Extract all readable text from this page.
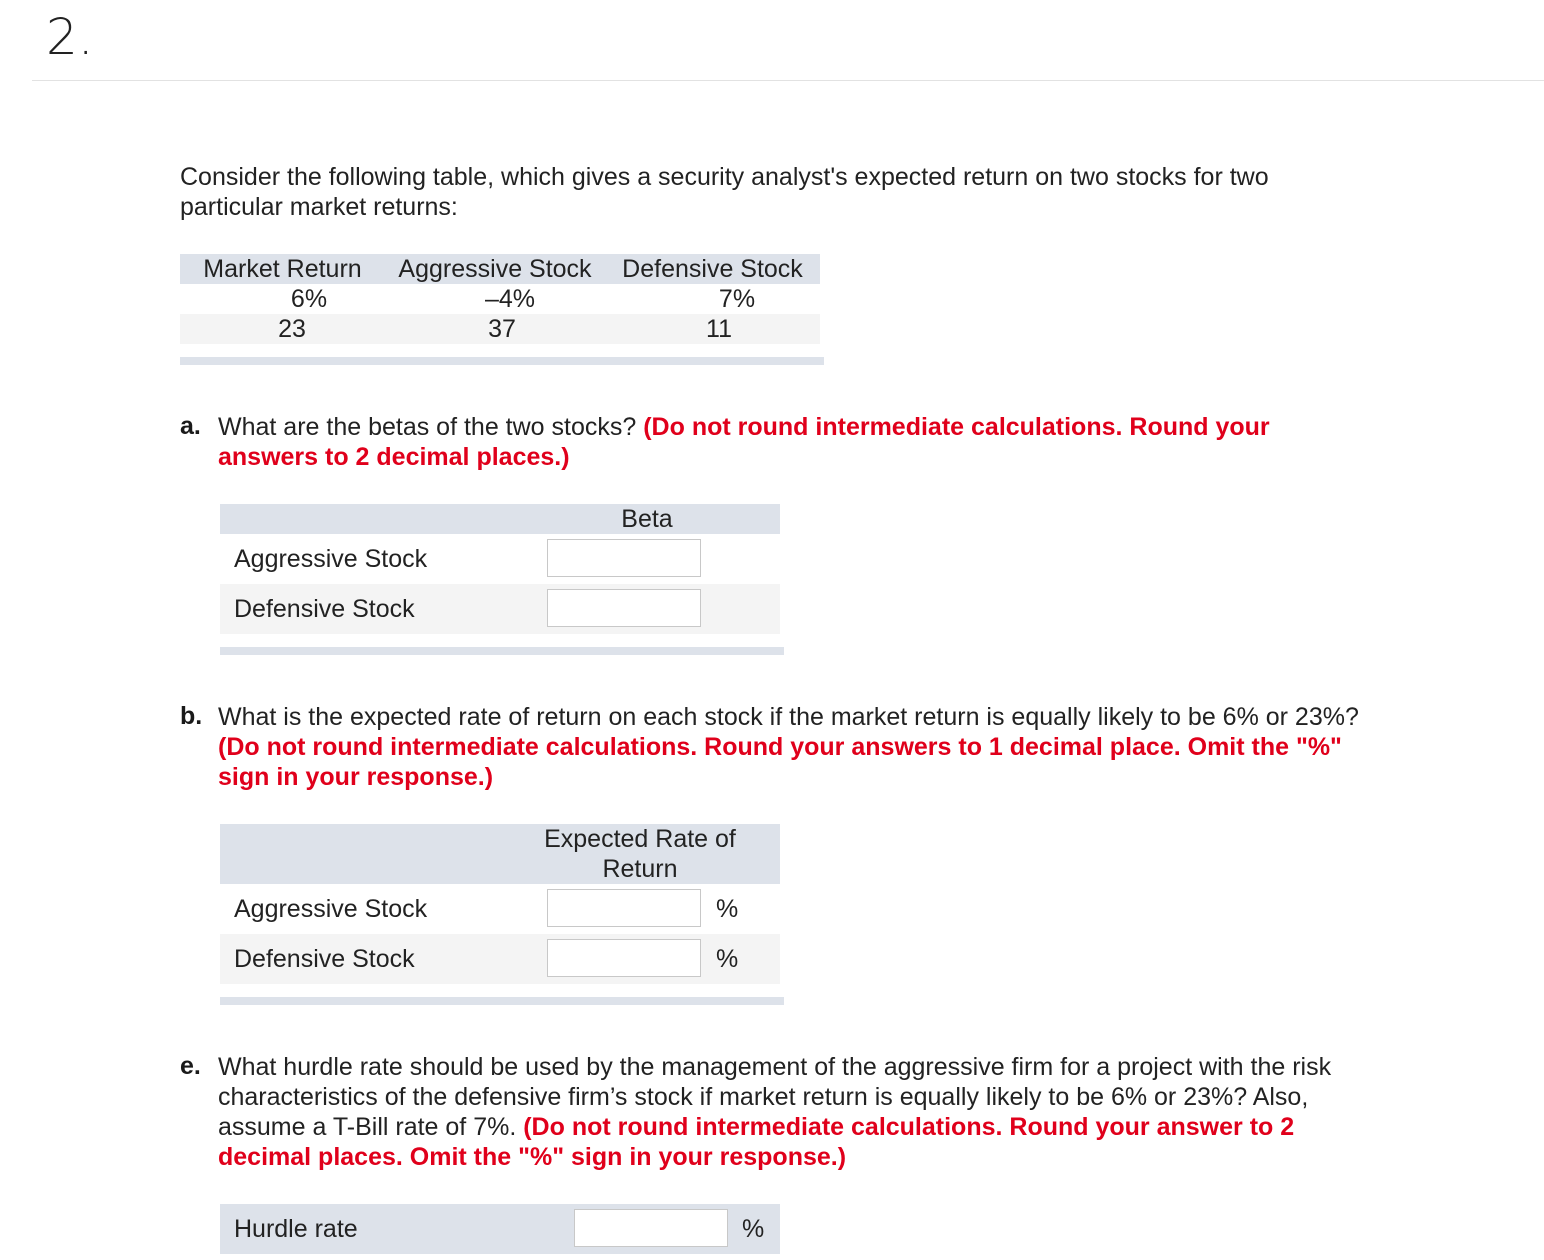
2.
Consider the following table, which gives a security analyst's expected return on two stocks for two
particular market returns:
Market Return	Aggressive Stock	Defensive Stock
6%	–4%	7%
23	37	11
a. What are the betas of the two stocks? (Do not round intermediate calculations. Round your
answers to 2 decimal places.)
Beta
Aggressive Stock
Defensive Stock
b. What is the expected rate of return on each stock if the market return is equally likely to be 6% or 23%?
(Do not round intermediate calculations. Round your answers to 1 decimal place. Omit the "%"
sign in your response.)
Expected Rate of
Return
Aggressive Stock	%
Defensive Stock	%
e. What hurdle rate should be used by the management of the aggressive firm for a project with the risk
characteristics of the defensive firm’s stock if market return is equally likely to be 6% or 23%? Also,
assume a T-Bill rate of 7%. (Do not round intermediate calculations. Round your answer to 2
decimal places. Omit the "%" sign in your response.)
Hurdle rate	%
